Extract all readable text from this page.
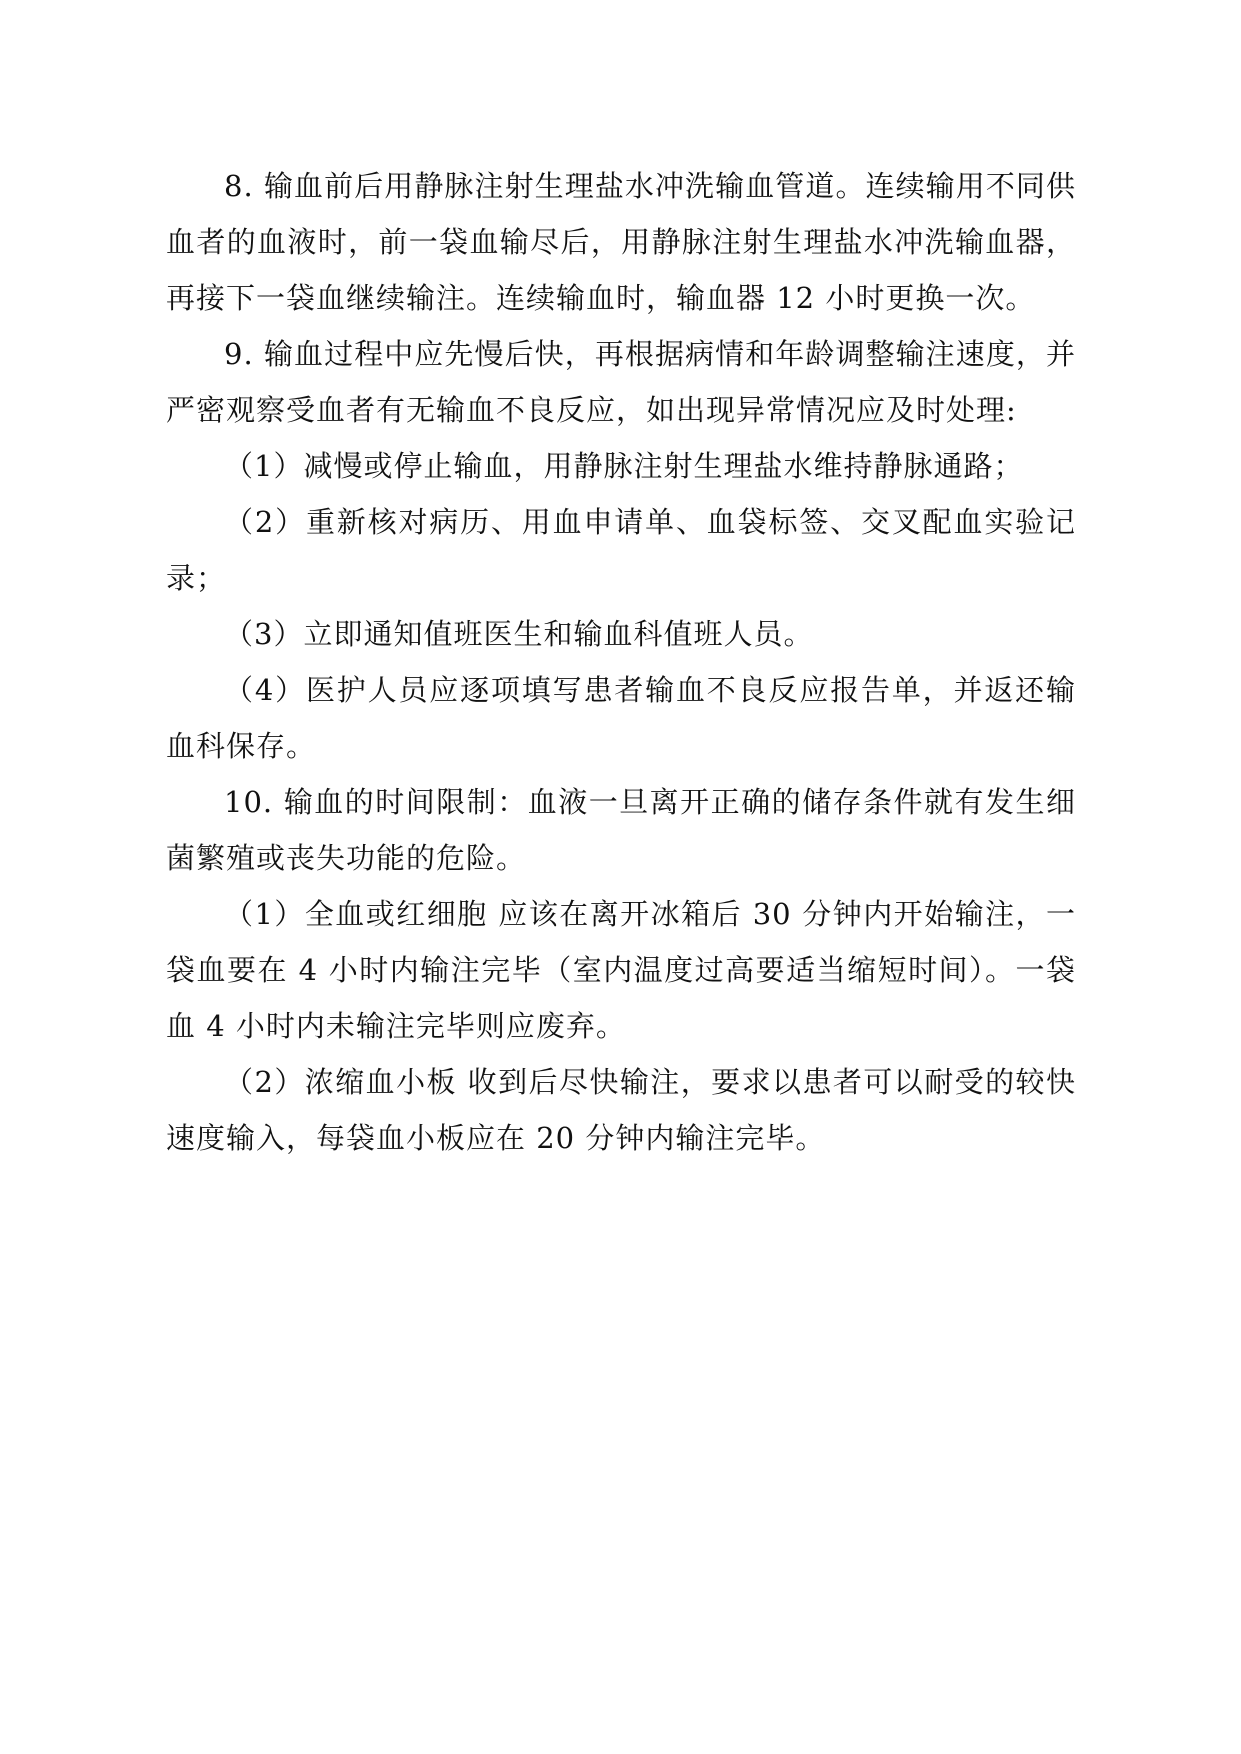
8. 输血前后用静脉注射生理盐水冲洗输血管道。连续输用不同供血者的血液时，前一袋血输尽后，用静脉注射生理盐水冲洗输血器，再接下一袋血继续输注。连续输血时，输血器 12 小时更换一次。

9. 输血过程中应先慢后快，再根据病情和年龄调整输注速度，并严密观察受血者有无输血不良反应，如出现异常情况应及时处理:

（1）减慢或停止输血，用静脉注射生理盐水维持静脉通路；

（2）重新核对病历、用血申请单、血袋标签、交叉配血实验记录；

（3）立即通知值班医生和输血科值班人员。

（4）医护人员应逐项填写患者输血不良反应报告单，并返还输血科保存。

10. 输血的时间限制：血液一旦离开正确的储存条件就有发生细菌繁殖或丧失功能的危险。

（1）全血或红细胞 应该在离开冰箱后 30 分钟内开始输注，一袋血要在 4 小时内输注完毕（室内温度过高要适当缩短时间）。一袋血 4 小时内未输注完毕则应废弃。

（2）浓缩血小板 收到后尽快输注，要求以患者可以耐受的较快速度输入，每袋血小板应在 20 分钟内输注完毕。
